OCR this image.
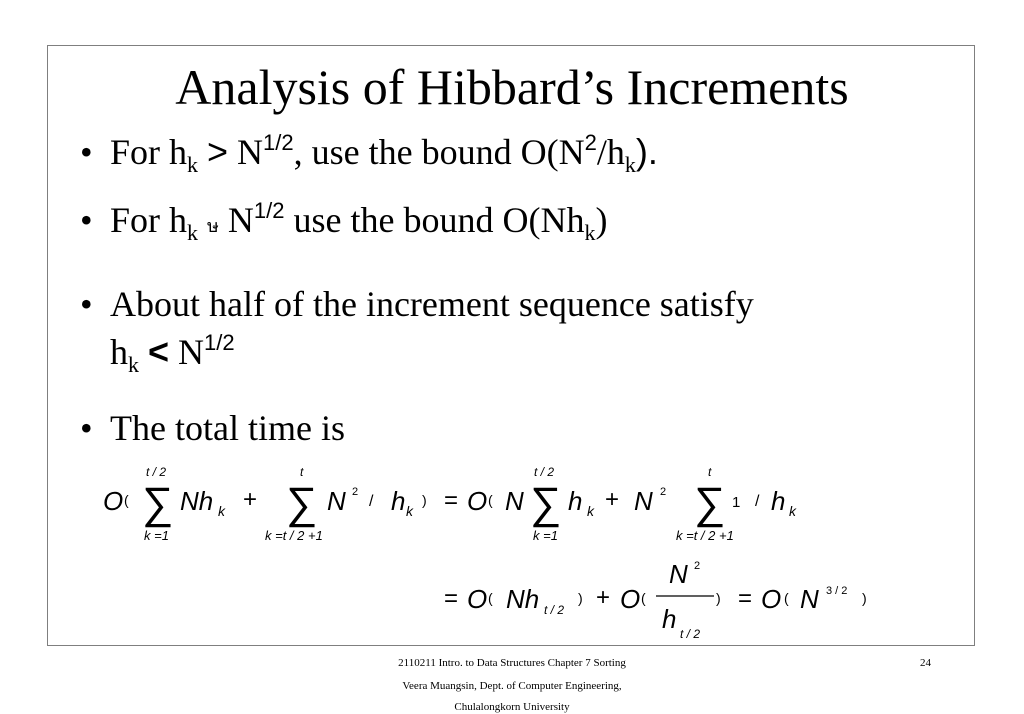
Analysis of Hibbard’s Increments
• For $h_k > N^{1/2}$, use the bound $O(N^2/h_k)$.
• For $h_k$ ษ $N^{1/2}$ use the bound $O(Nh_k)$
• About half of the increment sequence satisfy
$h_k < N^{1/2}$
• The total time is
O (
t / 2
∑
k =1
Nh k +
t
∑
k =t / 2 +1
N 2
/ h k
) = O ( N
t / 2
∑
k =1
h k + N 2
t
∑
k =t / 2 +1
1 / h k
= O ( Nh t / 2
) + O (
N 2
h t / 2
) = O ( N 3 / 2 )
2110211 Intro. to Data Structures Chapter 7 Sorting	24
Veera Muangsin, Dept. of Computer Engineering,
Chulalongkorn University
